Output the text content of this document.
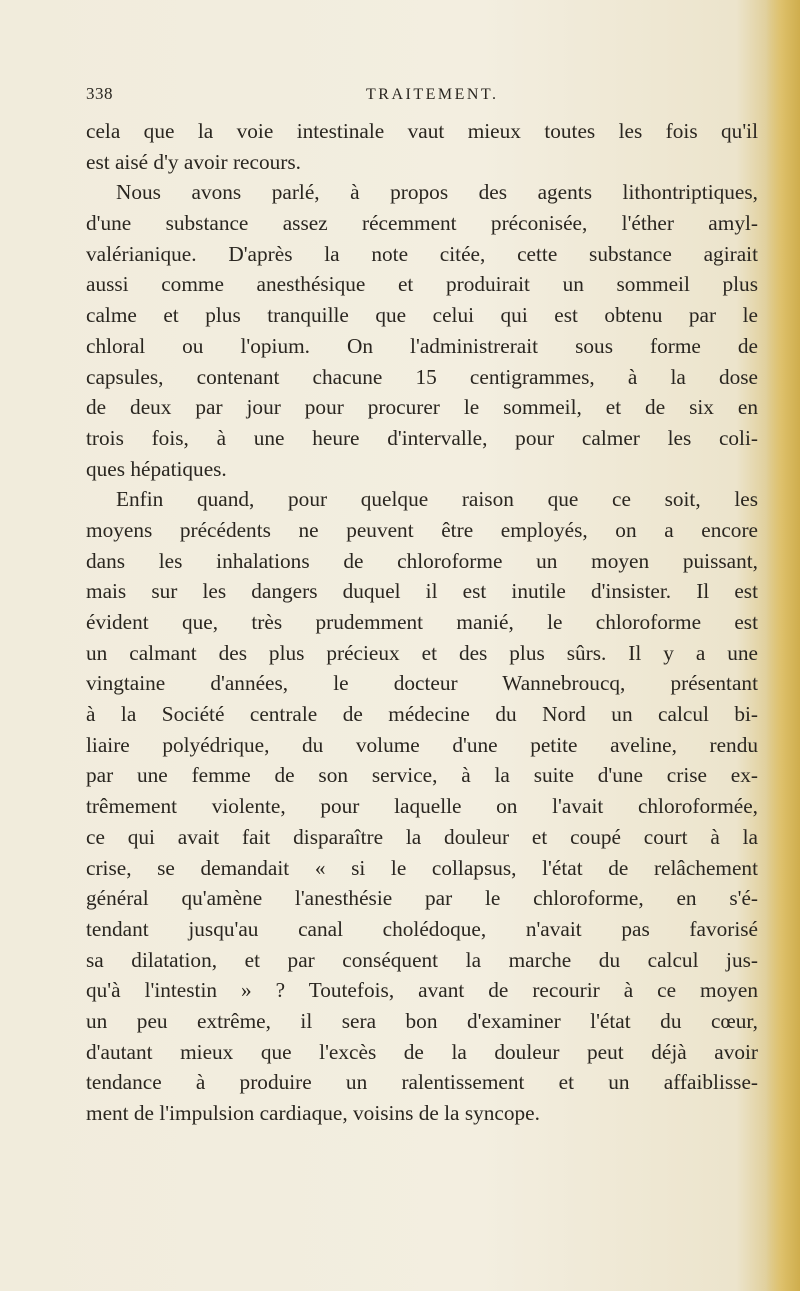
338	TRAITEMENT.
cela que la voie intestinale vaut mieux toutes les fois qu'il
est aisé d'y avoir recours.
Nous avons parlé, à propos des agents lithontriptiques,
d'une substance assez récemment préconisée, l'éther amyl-
valérianique. D'après la note citée, cette substance agirait
aussi comme anesthésique et produirait un sommeil plus
calme et plus tranquille que celui qui est obtenu par le
chloral ou l'opium. On l'administrerait sous forme de
capsules, contenant chacune 15 centigrammes, à la dose
de deux par jour pour procurer le sommeil, et de six en
trois fois, à une heure d'intervalle, pour calmer les coli-
ques hépatiques.
Enfin quand, pour quelque raison que ce soit, les
moyens précédents ne peuvent être employés, on a encore
dans les inhalations de chloroforme un moyen puissant,
mais sur les dangers duquel il est inutile d'insister. Il est
évident que, très prudemment manié, le chloroforme est
un calmant des plus précieux et des plus sûrs. Il y a une
vingtaine d'années, le docteur Wannebroucq, présentant
à la Société centrale de médecine du Nord un calcul bi-
liaire polyédrique, du volume d'une petite aveline, rendu
par une femme de son service, à la suite d'une crise ex-
trêmement violente, pour laquelle on l'avait chloroformée,
ce qui avait fait disparaître la douleur et coupé court à la
crise, se demandait « si le collapsus, l'état de relâchement
général qu'amène l'anesthésie par le chloroforme, en s'é-
tendant jusqu'au canal cholédoque, n'avait pas favorisé
sa dilatation, et par conséquent la marche du calcul jus-
qu'à l'intestin » ? Toutefois, avant de recourir à ce moyen
un peu extrême, il sera bon d'examiner l'état du cœur,
d'autant mieux que l'excès de la douleur peut déjà avoir
tendance à produire un ralentissement et un affaiblisse-
ment de l'impulsion cardiaque, voisins de la syncope.
